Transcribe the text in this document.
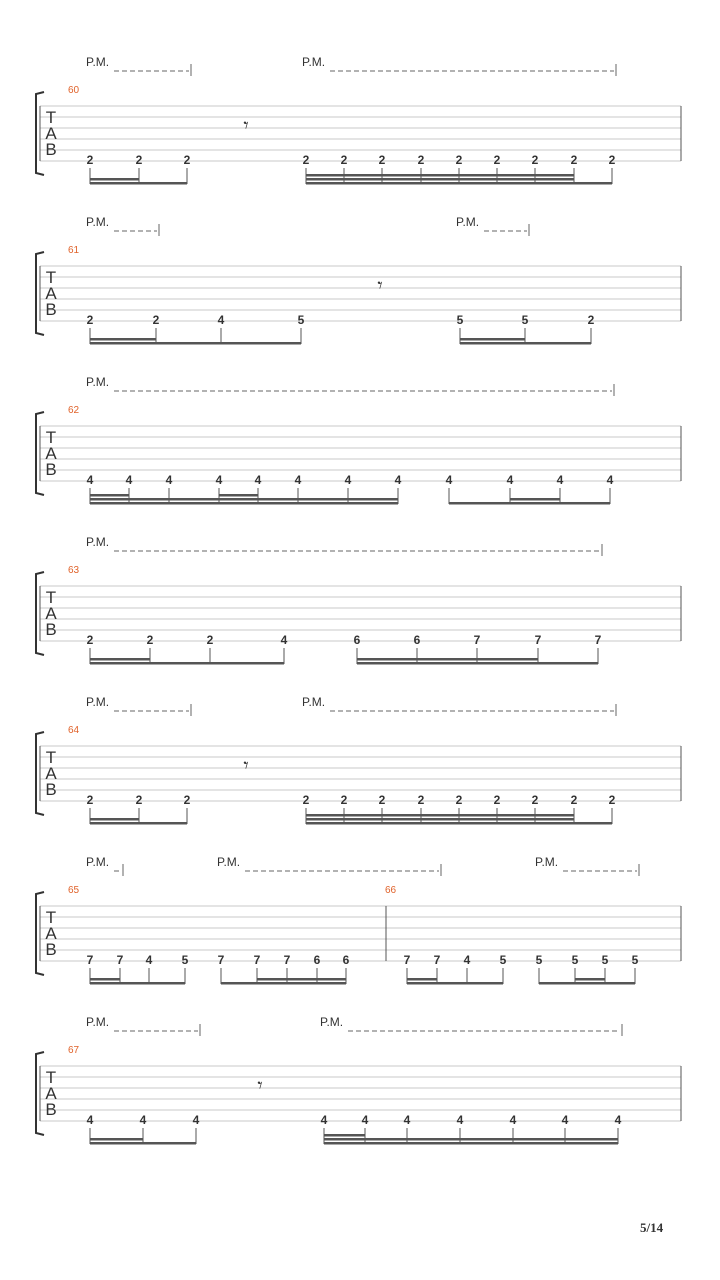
T
A
B
60
P.M.	P.M.
2	2	2	2	2	2	2	2	2	2	2	2
𝄾
T
A
B
61
P.M.	P.M.
2	2	4	5	5	5	2
𝄾
T
A
B
62
P.M.
4	4	4	4	4	4	4	4	4	4	4	4
T
A
B
63
P.M.
2	2	2	4	6	6	7	7	7
T
A
B
64
P.M.	P.M.
2	2	2	2	2	2	2	2	2	2	2	2
𝄾
T
A
B
65	66
P.M.	P.M.	P.M.
7 7 4 5 7 7 7 6 6	7 7 4 5 5 5 5 5
T
A
B
67
P.M.	P.M.
4	4	4	4	4	4	4	4	4	4
𝄾
5/14
